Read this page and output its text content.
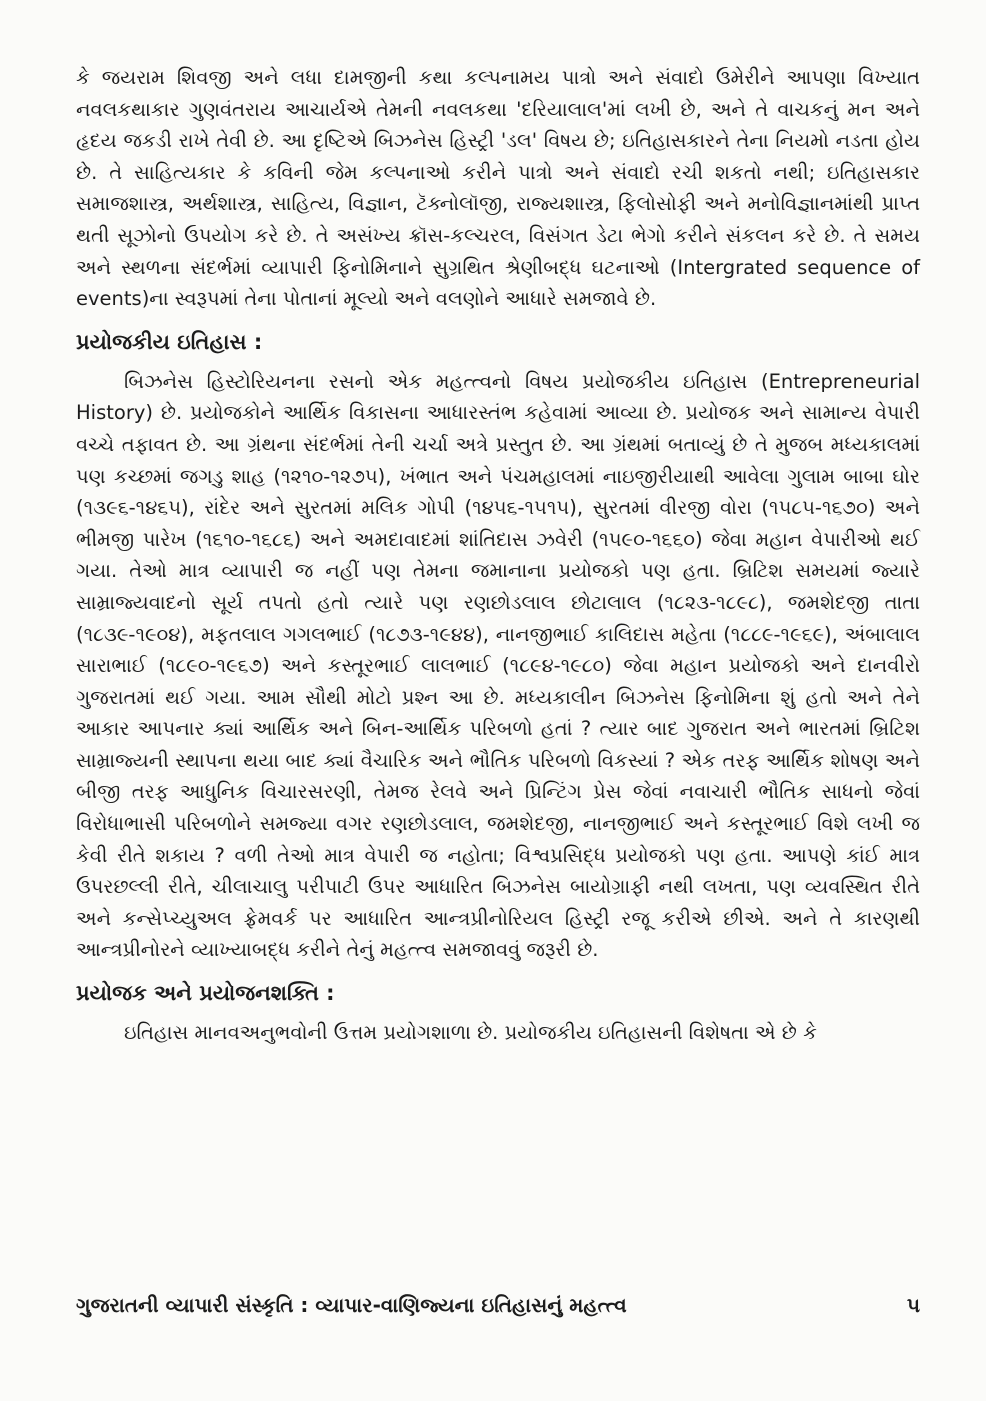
કે જયરામ શિવજી અને લધા દામજીની કથા કલ્પનામય પાત્રો અને સંવાદો ઉમેરીને આપણા વિખ્યાત નવલકથાકાર ગુણવંતરાય આચાર્યએ તેમની નવલકથા 'દરિયાલાલ'માં લખી છે, અને તે વાચકનું મન અને હૃદય જકડી રાખે તેવી છે. આ દૃષ્ટિએ બિઝનેસ હિસ્ટ્રી 'ડલ' વિષય છે; ઇતિહાસકારને તેના નિયમો નડતા હોય છે. તે સાહિત્યકાર કે કવિની જેમ કલ્પનાઓ કરીને પાત્રો અને સંવાદો રચી શકતો નથી; ઇતિહાસકાર સમાજશાસ્ત્ર, અર્થશાસ્ત્ર, સાહિત્ય, વિજ્ઞાન, ટૅક્નોલૉજી, રાજ્યશાસ્ત્ર, ફિલોસોફી અને મનોવિજ્ઞાનમાંથી પ્રાપ્ત થતી સૂઝોનો ઉપયોગ કરે છે. તે અસંખ્ય ક્રૉસ-કલ્ચરલ, વિસંગત ડેટા ભેગો કરીને સંકલન કરે છે. તે સમય અને સ્થળના સંદર્ભમાં વ્યાપારી ફિનોમિનાને સુગ્રથિત શ્રેણીબદ્ધ ઘટનાઓ (Intergrated sequence of events)ના સ્વરૂપમાં તેના પોતાનાં મૂલ્યો અને વલણોને આધારે સમજાવે છે.

પ્રયોજકીય ઇતિહાસ :

બિઝનેસ હિસ્ટોરિયનના રસનો એક મહત્ત્વનો વિષય પ્રયોજકીય ઇતિહાસ (Entrepreneurial History) છે. પ્રયોજકોને આર્થિક વિકાસના આધારસ્તંભ કહેવામાં આવ્યા છે. પ્રયોજક અને સામાન્ય વેપારી વચ્ચે તફાવત છે. આ ગ્રંથના સંદર્ભમાં તેની ચર્ચા અત્રે પ્રસ્તુત છે. આ ગ્રંથમાં બતાવ્યું છે તે મુજબ મધ્યકાલમાં પણ કચ્છમાં જગડુ શાહ (૧૨૧૦-૧૨૭૫), ખંભાત અને પંચમહાલમાં નાઇજીરીયાથી આવેલા ગુલામ બાબા ઘોર (૧૩૯૬-૧૪૬૫), રાંદેર અને સુરતમાં મલિક ગોપી (૧૪૫૬-૧૫૧૫), સુરતમાં વીરજી વોરા (૧૫૮૫-૧૬૭૦) અને ભીમજી પારેખ (૧૬૧૦-૧૬૮૬) અને અમદાવાદમાં શાંતિદાસ ઝવેરી (૧૫૯૦-૧૬૬૦) જેવા મહાન વેપારીઓ થઈ ગયા. તેઓ માત્ર વ્યાપારી જ નહીં પણ તેમના જમાનાના પ્રયોજકો પણ હતા. બ્રિટિશ સમયમાં જ્યારે સામ્રાજ્યવાદનો સૂર્ય તપતો હતો ત્યારે પણ રણછોડલાલ છોટાલાલ (૧૮૨૩-૧૮૯૮), જમશેદજી તાતા (૧૮૩૯-૧૯૦૪), મફતલાલ ગગલભાઈ (૧૮૭૩-૧૯૪૪), નાનજીભાઈ કાલિદાસ મહેતા (૧૮૮૯-૧૯૬૯), અંબાલાલ સારાભાઈ (૧૮૯૦-૧૯૬૭) અને કસ્તૂરભાઈ લાલભાઈ (૧૮૯૪-૧૯૮૦) જેવા મહાન પ્રયોજકો અને દાનવીરો ગુજરાતમાં થઈ ગયા. આમ સૌથી મોટો પ્રશ્ન આ છે. મધ્યકાલીન બિઝનેસ ફિનોમિના શું હતો અને તેને આકાર આપનાર ક્યાં આર્થિક અને બિન-આર્થિક પરિબળો હતાં ? ત્યાર બાદ ગુજરાત અને ભારતમાં બ્રિટિશ સામ્રાજ્યની સ્થાપના થયા બાદ ક્યાં વૈચારિક અને ભૌતિક પરિબળો વિકસ્યાં ? એક તરફ આર્થિક શોષણ અને બીજી તરફ આધુનિક વિચારસરણી, તેમજ રેલવે અને પ્રિન્ટિંગ પ્રેસ જેવાં નવાચારી ભૌતિક સાધનો જેવાં વિરોધાભાસી પરિબળોને સમજ્યા વગર રણછોડલાલ, જમશેદજી, નાનજીભાઈ અને કસ્તૂરભાઈ વિશે લખી જ કેવી રીતે શકાય ? વળી તેઓ માત્ર વેપારી જ નહોતા; વિશ્વપ્રસિદ્ધ પ્રયોજકો પણ હતા. આપણે કાંઈ માત્ર ઉપરછલ્લી રીતે, ચીલાચાલુ પરીપાટી ઉપર આધારિત બિઝનેસ બાયોગ્રાફી નથી લખતા, પણ વ્યવસ્થિત રીતે અને કન્સેપ્ચ્યુઅલ ફ્રેમવર્ક પર આધારિત આન્ત્રપ્રીનોરિયલ હિસ્ટ્રી રજૂ કરીએ છીએ. અને તે કારણથી આન્ત્રપ્રીનોરને વ્યાખ્યાબદ્ધ કરીને તેનું મહત્ત્વ સમજાવવું જરૂરી છે.

પ્રયોજક અને પ્રયોજનશક્તિ :

ઇતિહાસ માનવઅનુભવોની ઉત્તમ પ્રયોગશાળા છે. પ્રયોજકીય ઇતિહાસની વિશેષતા એ છે કે

ગુજરાતની વ્યાપારી સંસ્કૃતિ : વ્યાપાર-વાણિજ્યના ઇતિહાસનું મહત્ત્વ	૫
